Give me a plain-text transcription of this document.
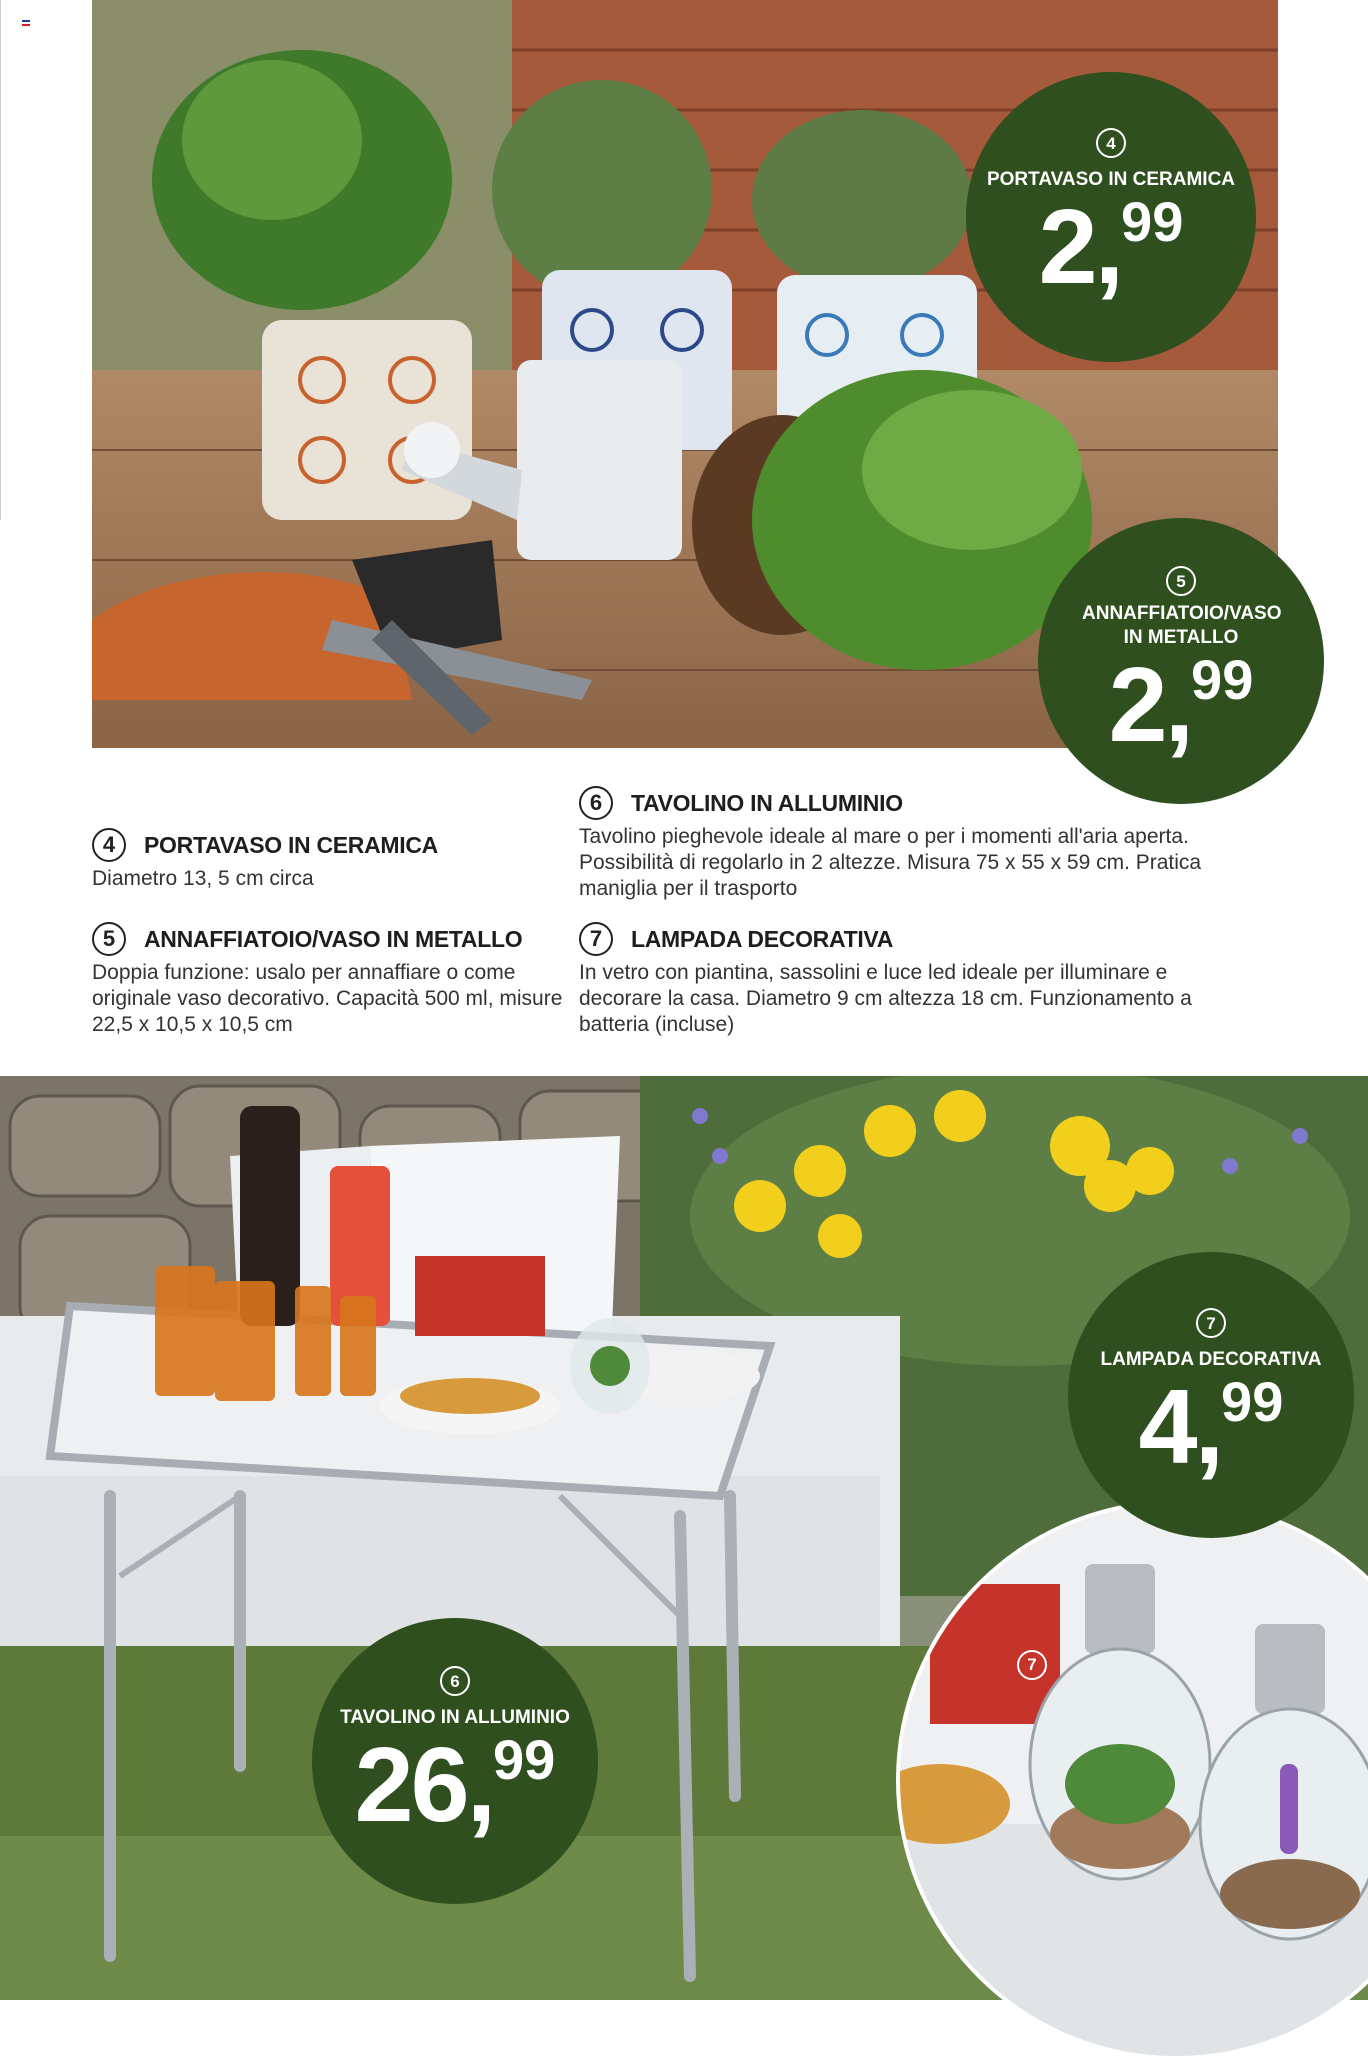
4
PORTAVASO IN CERAMICA
2,99
5
ANNAFFIATOIO/VASO IN METALLO
2,99
4	PORTAVASO IN CERAMICA
Diametro 13, 5 cm circa
5	ANNAFFIATOIO/VASO IN METALLO
Doppia funzione: usalo per annaffiare o come originale vaso decorativo. Capacità 500 ml, misure 22,5 x 10,5 x 10,5 cm
6	TAVOLINO IN ALLUMINIO
Tavolino pieghevole ideale al mare o per i momenti all'aria aperta. Possibilità di regolarlo in 2 altezze. Misura 75 x 55 x 59 cm. Pratica maniglia per il trasporto
7	LAMPADA DECORATIVA
In vetro con piantina, sassolini e luce led ideale per illuminare e decorare la casa. Diametro 9 cm altezza 18 cm. Funzionamento a batteria (incluse)
7
7
LAMPADA DECORATIVA
4,99
6
TAVOLINO IN ALLUMINIO
26,99
